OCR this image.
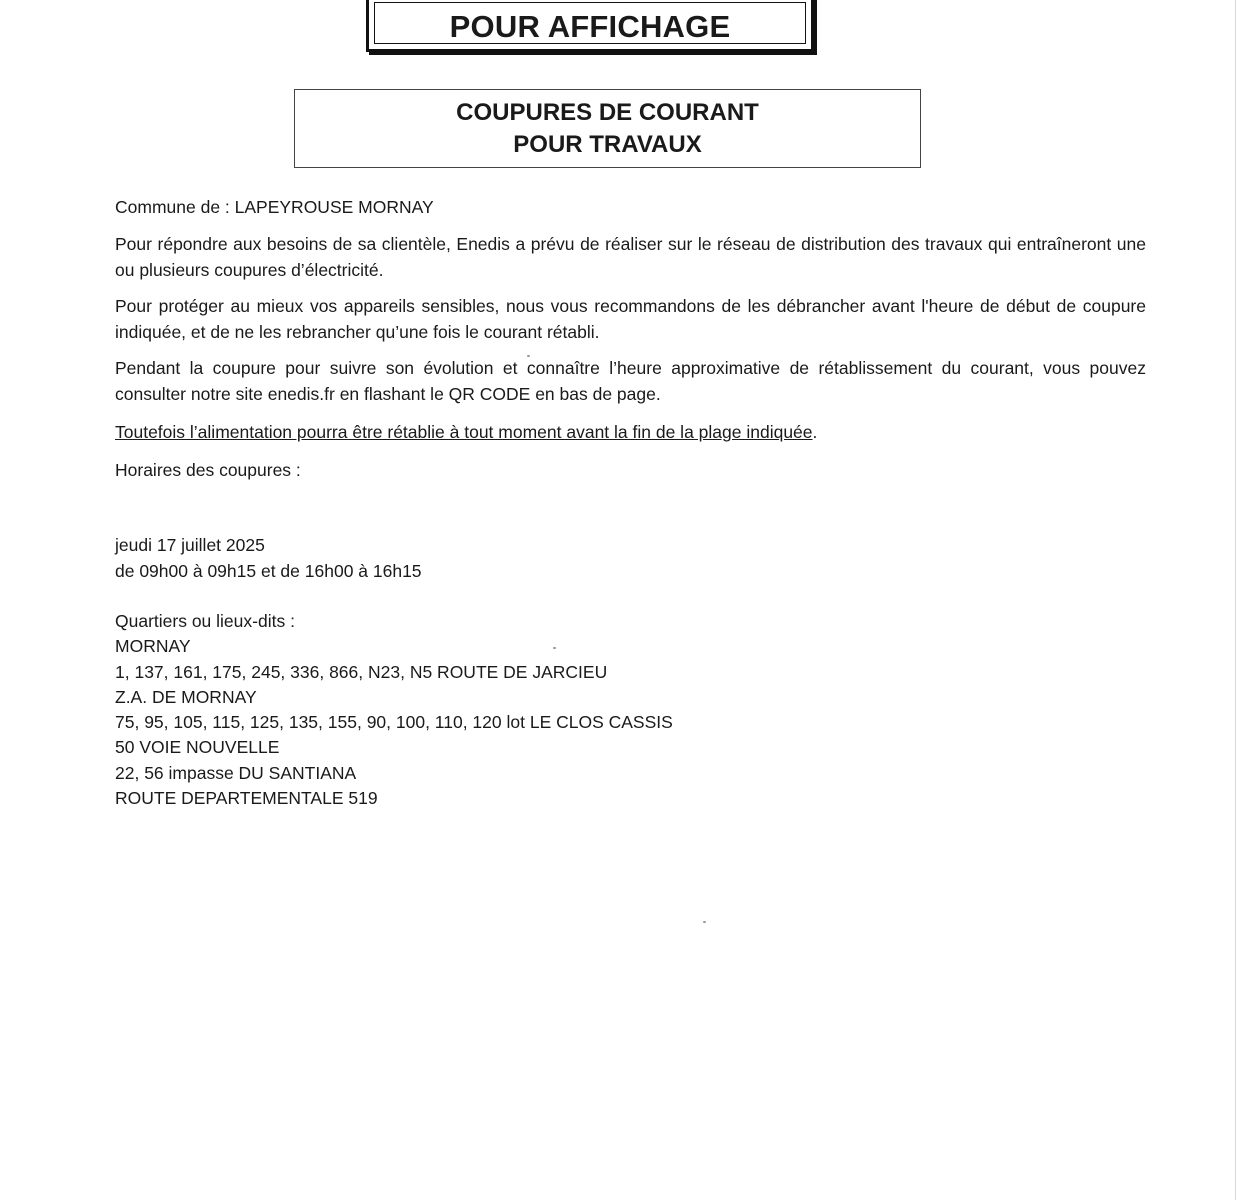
POUR AFFICHAGE
COUPURES DE COURANT
POUR TRAVAUX

Commune de : LAPEYROUSE MORNAY

Pour répondre aux besoins de sa clientèle, Enedis a prévu de réaliser sur le réseau de distribution des travaux qui entraîneront une ou plusieurs coupures d’électricité.

Pour protéger au mieux vos appareils sensibles, nous vous recommandons de les débrancher avant l'heure de début de coupure indiquée, et de ne les rebrancher qu’une fois le courant rétabli.

Pendant la coupure pour suivre son évolution et connaître l’heure approximative de rétablissement du courant, vous pouvez consulter notre site enedis.fr en flashant le QR CODE en bas de page.

Toutefois l’alimentation pourra être rétablie à tout moment avant la fin de la plage indiquée.

Horaires des coupures :

jeudi 17 juillet 2025
de 09h00 à 09h15 et de 16h00 à 16h15
Quartiers ou lieux-dits :
MORNAY
1, 137, 161, 175, 245, 336, 866, N23, N5 ROUTE DE JARCIEU
Z.A. DE MORNAY
75, 95, 105, 115, 125, 135, 155, 90, 100, 110, 120 lot LE CLOS CASSIS
50 VOIE NOUVELLE
22, 56 impasse DU SANTIANA
ROUTE DEPARTEMENTALE 519
